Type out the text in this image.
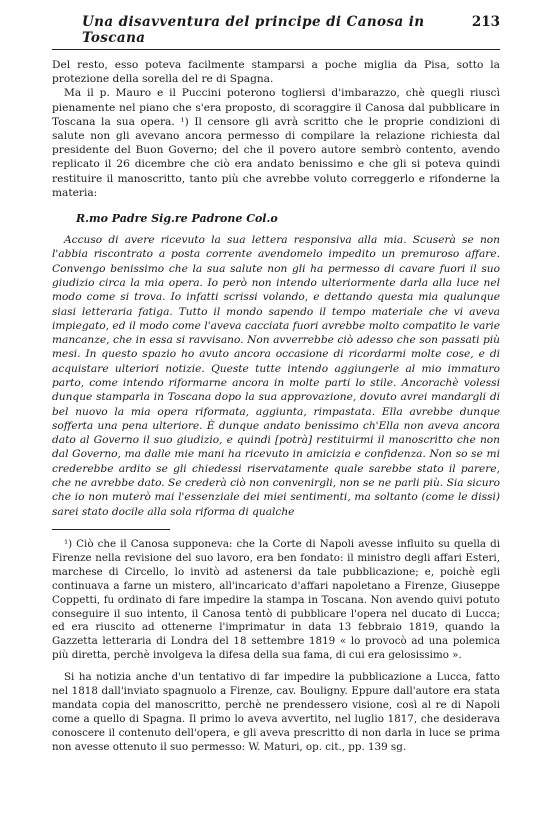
Una disavventura del principe di Canosa in Toscana
213

Del resto, esso poteva facilmente stamparsi a poche miglia da Pisa, sotto la protezione della sorella del re di Spagna.

Ma il p. Mauro e il Puccini poterono togliersi d'imbarazzo, chè quegli riuscì pienamente nel piano che s'era proposto, di scoraggire il Canosa dal pubblicare in Toscana la sua opera. ¹) Il censore gli avrà scritto che le proprie condizioni di salute non gli avevano ancora permesso di compilare la relazione richiesta dal presidente del Buon Governo; del che il povero autore sembrò contento, avendo replicato il 26 dicembre che ciò era andato benissimo e che gli si poteva quindi restituire il manoscritto, tanto più che avrebbe voluto correggerlo e rifonderne la materia:

R.mo Padre Sig.re Padrone Col.o

Accuso di avere ricevuto la sua lettera responsiva alla mia. Scuserà se non l'abbia riscontrato a posta corrente avendomelo impedito un premuroso affare. Convengo benissimo che la sua salute non gli ha permesso di cavare fuori il suo giudizio circa la mia opera. Io però non intendo ulteriormente darla alla luce nel modo come si trova. Io infatti scrissi volando, e dettando questa mia qualunque siasi letteraria fatiga. Tutto il mondo sapendo il tempo materiale che vi aveva impiegato, ed il modo come l'aveva cacciata fuori avrebbe molto compatito le varie mancanze, che in essa si ravvisano. Non avverrebbe ciò adesso che son passati più mesi. In questo spazio ho avuto ancora occasione di ricordarmi molte cose, e di acquistare ulteriori notizie. Queste tutte intendo aggiungerle al mio immaturo parto, come intendo riformarne ancora in molte parti lo stile. Ancorachè volessi dunque stamparla in Toscana dopo la sua approvazione, dovuto avrei mandargli di bel nuovo la mia opera riformata, aggiunta, rimpastata. Ella avrebbe dunque sofferta una pena ulteriore. È dunque andato benissimo ch'Ella non aveva ancora dato al Governo il suo giudizio, e quindi [potrà] restituirmi il manoscritto che non dal Governo, ma dalle mie mani ha ricevuto in amicizia e confidenza. Non so se mi crederebbe ardito se gli chiedessi riservatamente quale sarebbe stato il parere, che ne avrebbe dato. Se crederà ciò non convenirgli, non se ne parli più. Sia sicuro che io non muterò mai l'essenziale dei miei sentimenti, ma soltanto (come le dissi) sarei stato docile alla sola riforma di qualche

¹) Ciò che il Canosa supponeva: che la Corte di Napoli avesse influito su quella di Firenze nella revisione del suo lavoro, era ben fondato: il ministro degli affari Esteri, marchese di Circello, lo invitò ad astenersi da tale pubblicazione; e, poichè egli continuava a farne un mistero, all'incaricato d'affari napoletano a Firenze, Giuseppe Coppetti, fu ordinato di fare impedire la stampa in Toscana. Non avendo quivi potuto conseguire il suo intento, il Canosa tentò di pubblicare l'opera nel ducato di Lucca; ed era riuscito ad ottenerne l'imprimatur in data 13 febbraio 1819, quando la Gazzetta letteraria di Londra del 18 settembre 1819 « lo provocò ad una polemica più diretta, perchè involgeva la difesa della sua fama, di cui era gelosissimo ».

Si ha notizia anche d'un tentativo di far impedire la pubblicazione a Lucca, fatto nel 1818 dall'inviato spagnuolo a Firenze, cav. Bouligny. Eppure dall'autore era stata mandata copia del manoscritto, perchè ne prendessero visione, così al re di Napoli come a quello di Spagna. Il primo lo aveva avvertito, nel luglio 1817, che desiderava conoscere il contenuto dell'opera, e gli aveva prescritto di non darla in luce se prima non avesse ottenuto il suo permesso: W. Maturi, op. cit., pp. 139 sg.
